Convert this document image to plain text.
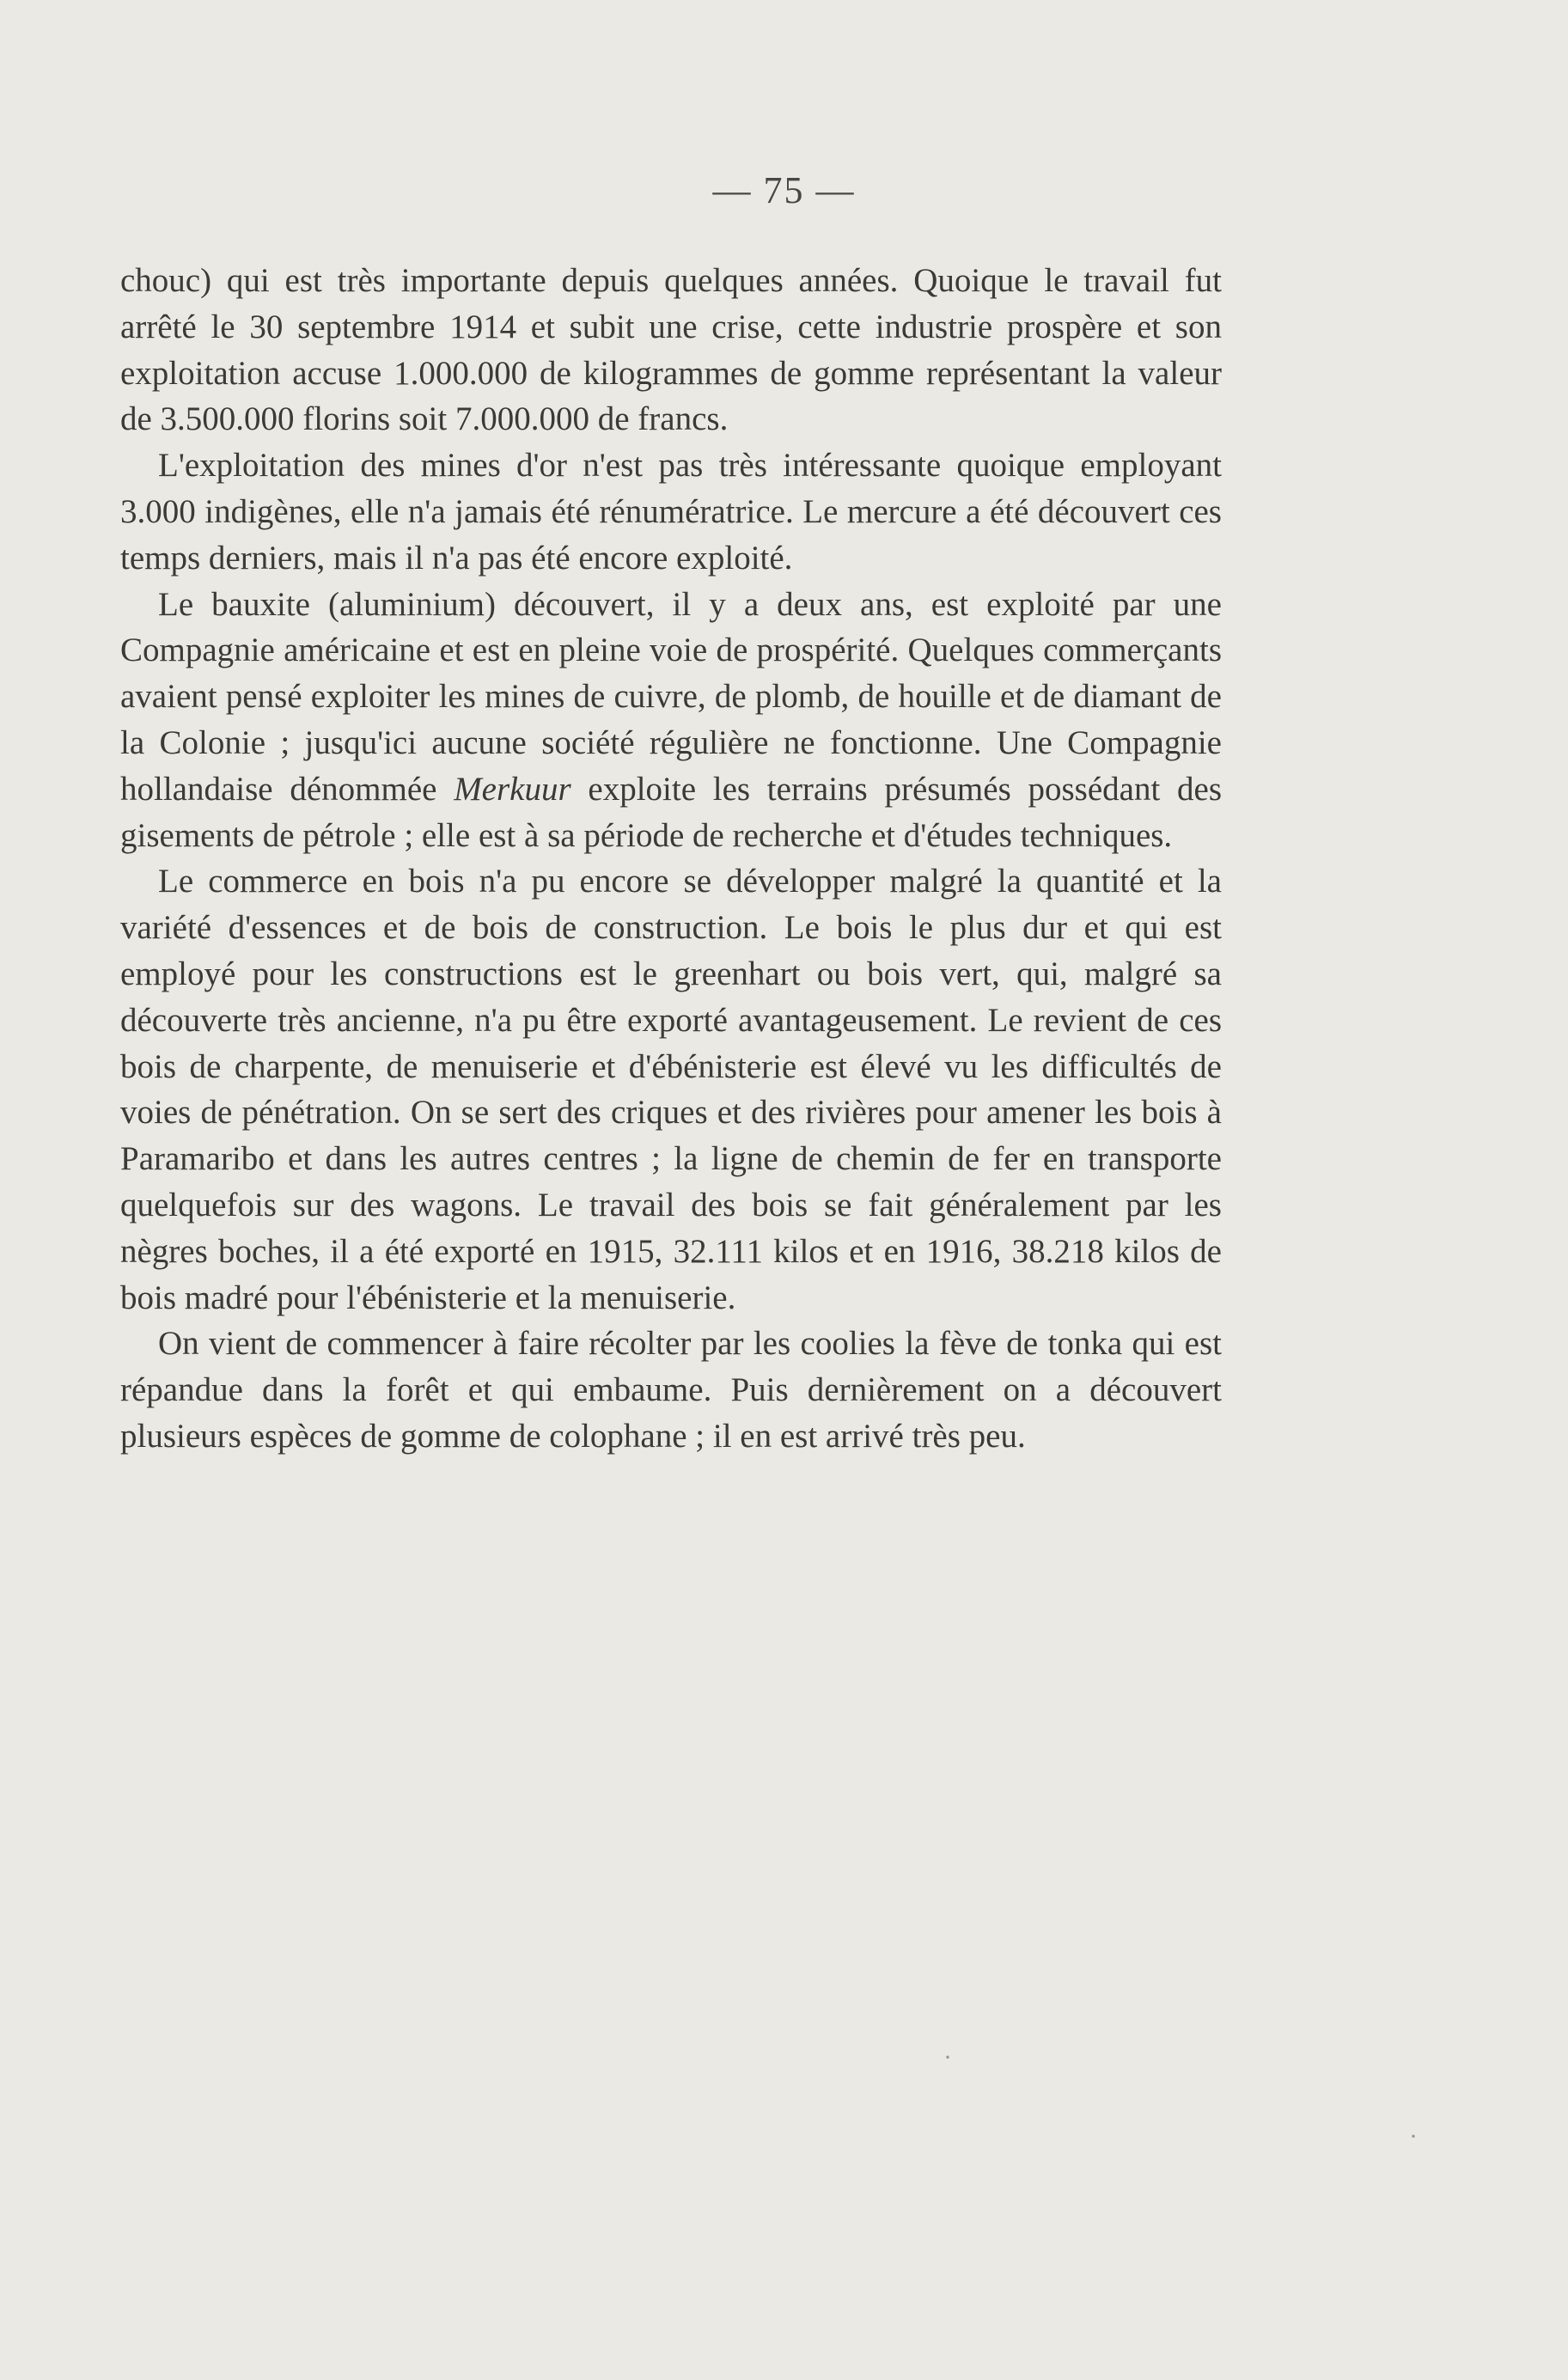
— 75 —

chouc) qui est très importante depuis quelques années. Quoique le travail fut arrêté le 30 septembre 1914 et subit une crise, cette industrie prospère et son exploitation accuse 1.000.000 de kilogrammes de gomme représentant la valeur de 3.500.000 florins soit 7.000.000 de francs.

L'exploitation des mines d'or n'est pas très intéressante quoique employant 3.000 indigènes, elle n'a jamais été rénumératrice. Le mercure a été découvert ces temps derniers, mais il n'a pas été encore exploité.

Le bauxite (aluminium) découvert, il y a deux ans, est exploité par une Compagnie américaine et est en pleine voie de prospérité. Quelques commerçants avaient pensé exploiter les mines de cuivre, de plomb, de houille et de diamant de la Colonie ; jusqu'ici aucune société régulière ne fonctionne. Une Compagnie hollandaise dénommée Merkuur exploite les terrains présumés possédant des gisements de pétrole ; elle est à sa période de recherche et d'études techniques.

Le commerce en bois n'a pu encore se développer malgré la quantité et la variété d'essences et de bois de construction. Le bois le plus dur et qui est employé pour les constructions est le greenhart ou bois vert, qui, malgré sa découverte très ancienne, n'a pu être exporté avantageusement. Le revient de ces bois de charpente, de menuiserie et d'ébénisterie est élevé vu les difficultés de voies de pénétration. On se sert des criques et des rivières pour amener les bois à Paramaribo et dans les autres centres ; la ligne de chemin de fer en transporte quelquefois sur des wagons. Le travail des bois se fait généralement par les nègres boches, il a été exporté en 1915, 32.111 kilos et en 1916, 38.218 kilos de bois madré pour l'ébénisterie et la menuiserie.

On vient de commencer à faire récolter par les coolies la fève de tonka qui est répandue dans la forêt et qui embaume. Puis dernièrement on a découvert plusieurs espèces de gomme de colophane ; il en est arrivé très peu.

·
·
